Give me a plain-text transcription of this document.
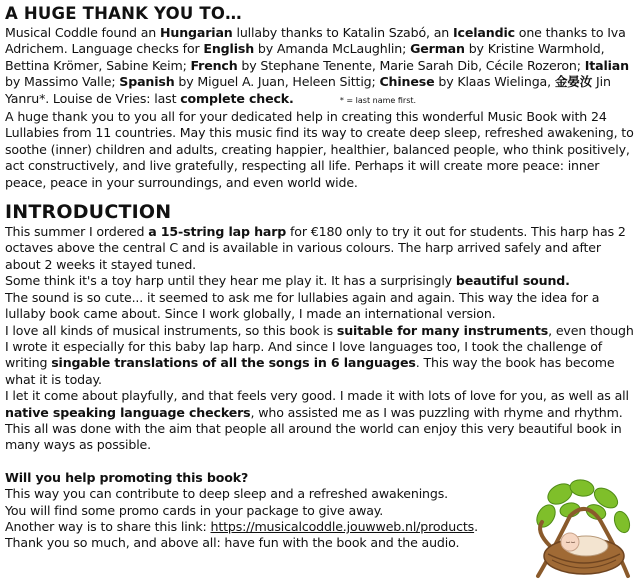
A HUGE THANK YOU TO…

Musical Coddle found an Hungarian lullaby thanks to Katalin Szabó, an Icelandic one thanks to Iva Adrichem. Language checks for English by Amanda McLaughlin; German by Kristine Warmhold, Bettina Krömer, Sabine Keim; French by Stephane Tenente, Marie Sarah Dib, Cécile Rozeron; Italian by Massimo Valle; Spanish by Miguel A. Juan, Heleen Sittig; Chinese by Klaas Wielinga, 金晏汝 Jin Yanru*. Louise de Vries: last complete check.	* = last name first.

A huge thank you to you all for your dedicated help in creating this wonderful Music Book with 24 Lullabies from 11 countries. May this music find its way to create deep sleep, refreshed awakening, to soothe (inner) children and adults, creating happier, healthier, balanced people, who think positively, act constructively, and live gratefully, respecting all life. Perhaps it will create more peace: inner peace, peace in your surroundings, and even world wide.

INTRODUCTION

This summer I ordered a 15-string lap harp for €180 only to try it out for students. This harp has 2 octaves above the central C and is available in various colours. The harp arrived safely and after about 2 weeks it stayed tuned.

Some think it's a toy harp until they hear me play it. It has a surprisingly beautiful sound.

The sound is so cute... it seemed to ask me for lullabies again and again. This way the idea for a lullaby book came about. Since I work globally, I made an international version.

I love all kinds of musical instruments, so this book is suitable for many instruments, even though I wrote it especially for this baby lap harp. And since I love languages too, I took the challenge of writing singable translations of all the songs in 6 languages. This way the book has become what it is today.

I let it come about playfully, and that feels very good. I made it with lots of love for you, as well as all native speaking language checkers, who assisted me as I was puzzling with rhyme and rhythm. This all was done with the aim that people all around the world can enjoy this very beautiful book in many ways as possible.

Will you help promoting this book?

This way you can contribute to deep sleep and a refreshed awakenings.

You will find some promo cards in your package to give away.

Another way is to share this link: https://musicalcoddle.jouwweb.nl/products.

Thank you so much, and above all: have fun with the book and the audio.
